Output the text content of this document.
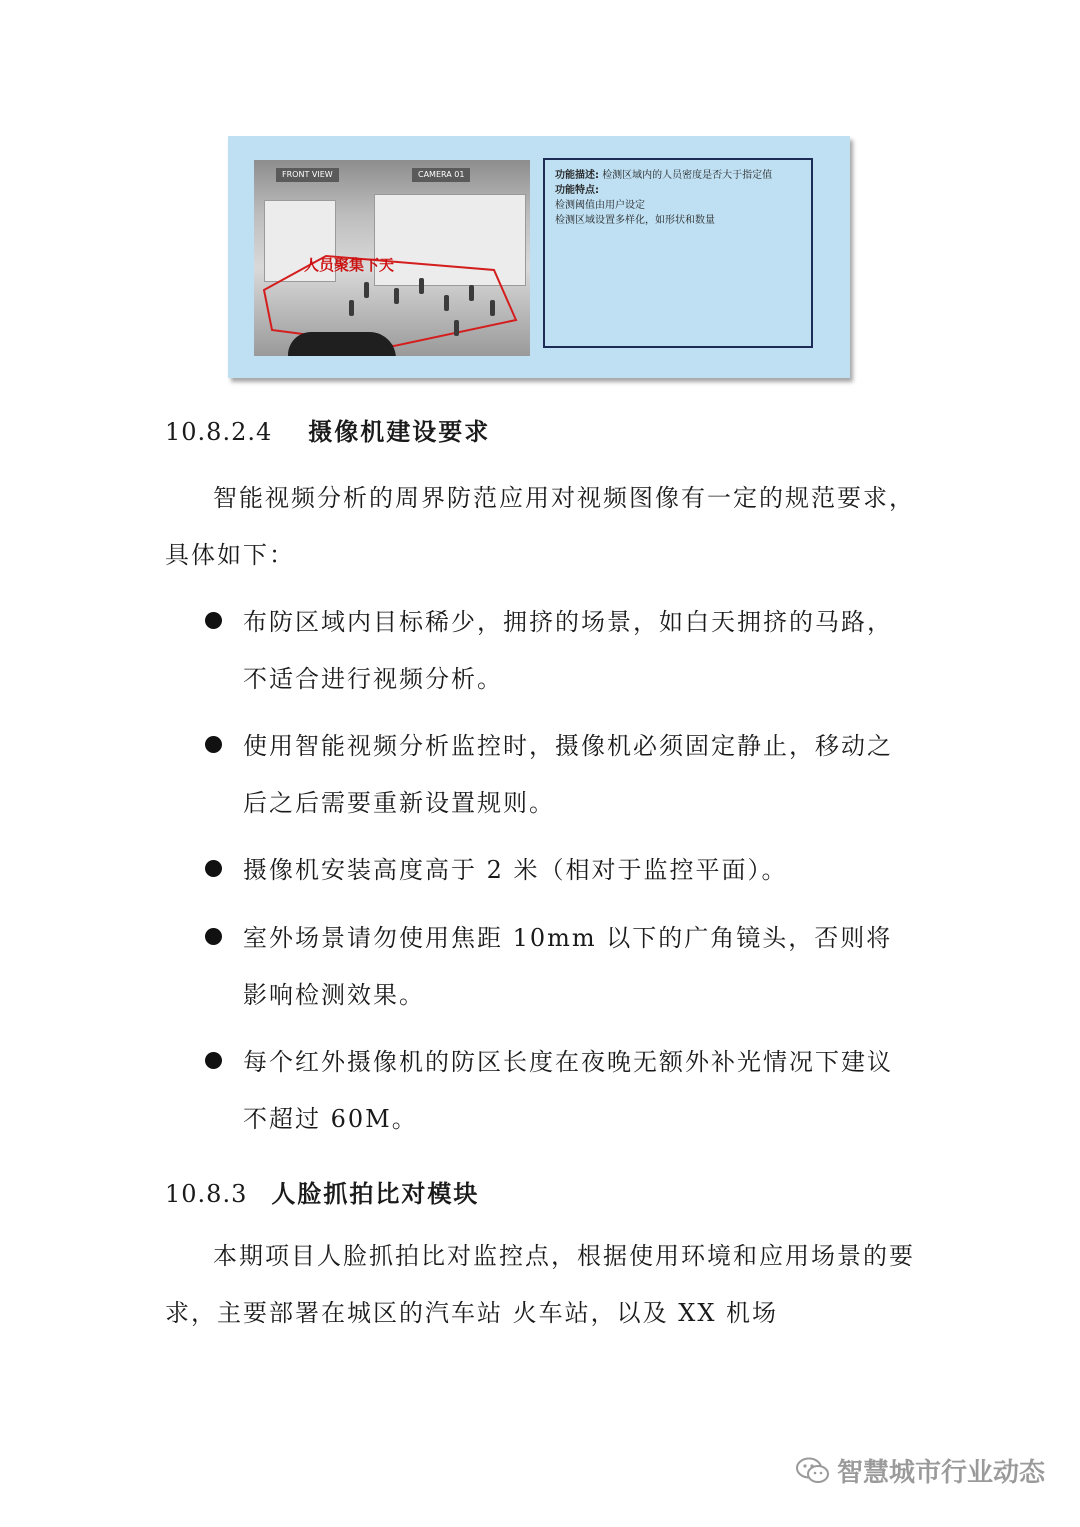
FRONT VIEW	CAMERA 01
人员聚集下天
功能描述: 检测区域内的人员密度是否大于指定值
功能特点:
检测阈值由用户设定
检测区域设置多样化，如形状和数量
10.8.2.4 摄像机建设要求

智能视频分析的周界防范应用对视频图像有一定的规范要求，具体如下：

布防区域内目标稀少，拥挤的场景，如白天拥挤的马路，不适合进行视频分析。

使用智能视频分析监控时，摄像机必须固定静止，移动之后之后需要重新设置规则。

摄像机安装高度高于 2 米（相对于监控平面）。

室外场景请勿使用焦距 10mm 以下的广角镜头，否则将影响检测效果。

每个红外摄像机的防区长度在夜晚无额外补光情况下建议不超过 60M。

10.8.3 人脸抓拍比对模块

本期项目人脸抓拍比对监控点，根据使用环境和应用场景的要求，主要部署在城区的汽车站 火车站，以及 XX 机场

智慧城市行业动态
